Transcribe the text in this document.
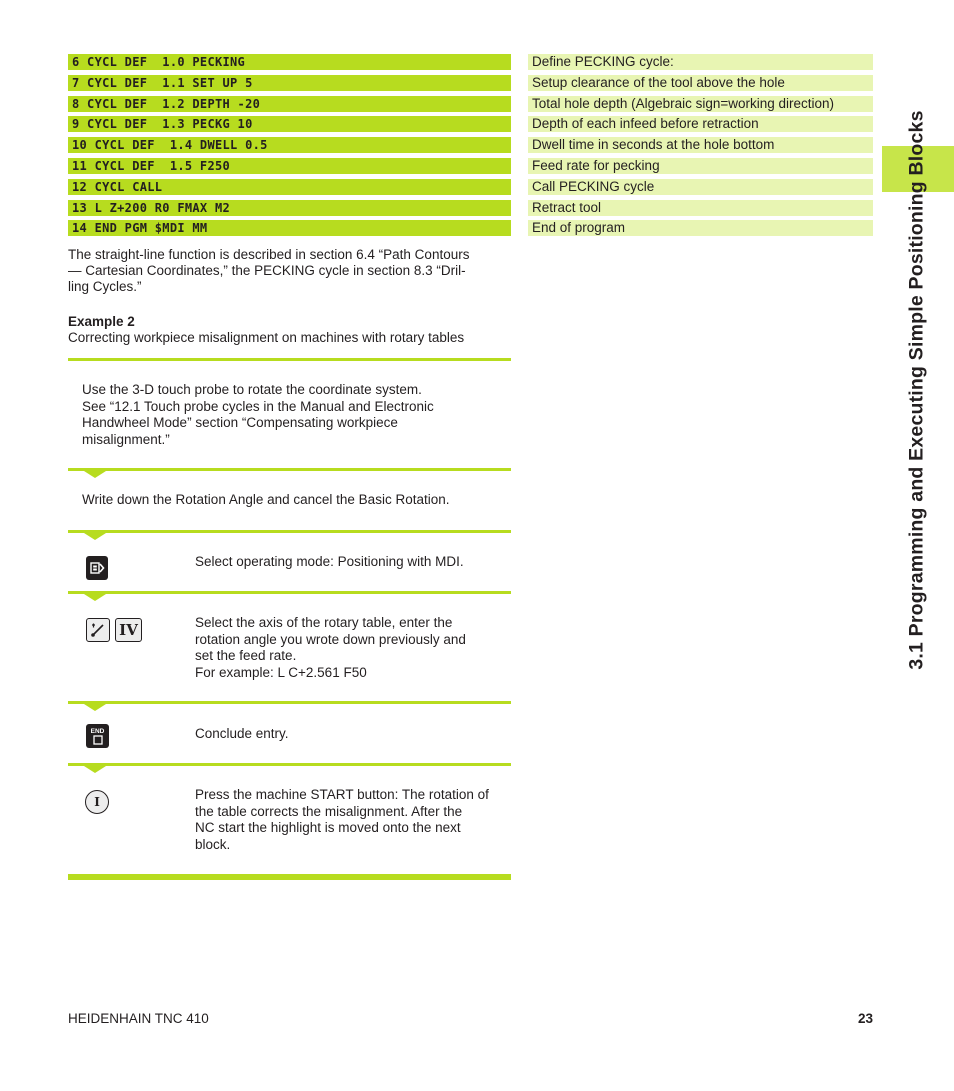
6 CYCL DEF  1.0 PECKING	Define PECKING cycle:
7 CYCL DEF  1.1 SET UP 5	Setup clearance of the tool above the hole
8 CYCL DEF  1.2 DEPTH -20	Total hole depth (Algebraic sign=working direction)
9 CYCL DEF  1.3 PECKG 10	Depth of each infeed before retraction
10 CYCL DEF  1.4 DWELL 0.5	Dwell time in seconds at the hole bottom
11 CYCL DEF  1.5 F250	Feed rate for pecking
12 CYCL CALL	Call PECKING cycle
13 L Z+200 R0 FMAX M2	Retract tool
14 END PGM $MDI MM	End of program
The straight-line function is described in section 6.4 “Path Contours
— Cartesian Coordinates,” the PECKING cycle in section 8.3 “Dril-
ling Cycles.”
Example 2
Correcting workpiece misalignment on machines with rotary tables
Use the 3-D touch probe to rotate the coordinate system.
See “12.1 Touch probe cycles in the Manual and Electronic
Handwheel Mode” section “Compensating workpiece
misalignment.”
Write down the Rotation Angle and cancel the Basic Rotation.
Select operating mode: Positioning with MDI.
IV	Select the axis of the rotary table, enter the
rotation angle you wrote down previously and
set the feed rate.
For example: L C+2.561 F50
END	Conclude entry.
I	Press the machine START button: The rotation of
the table corrects the misalignment. After the
NC start the highlight is moved onto the next
block.
3.1 Programming and Executing Simple Positioning Blocks
HEIDENHAIN TNC 410	23
